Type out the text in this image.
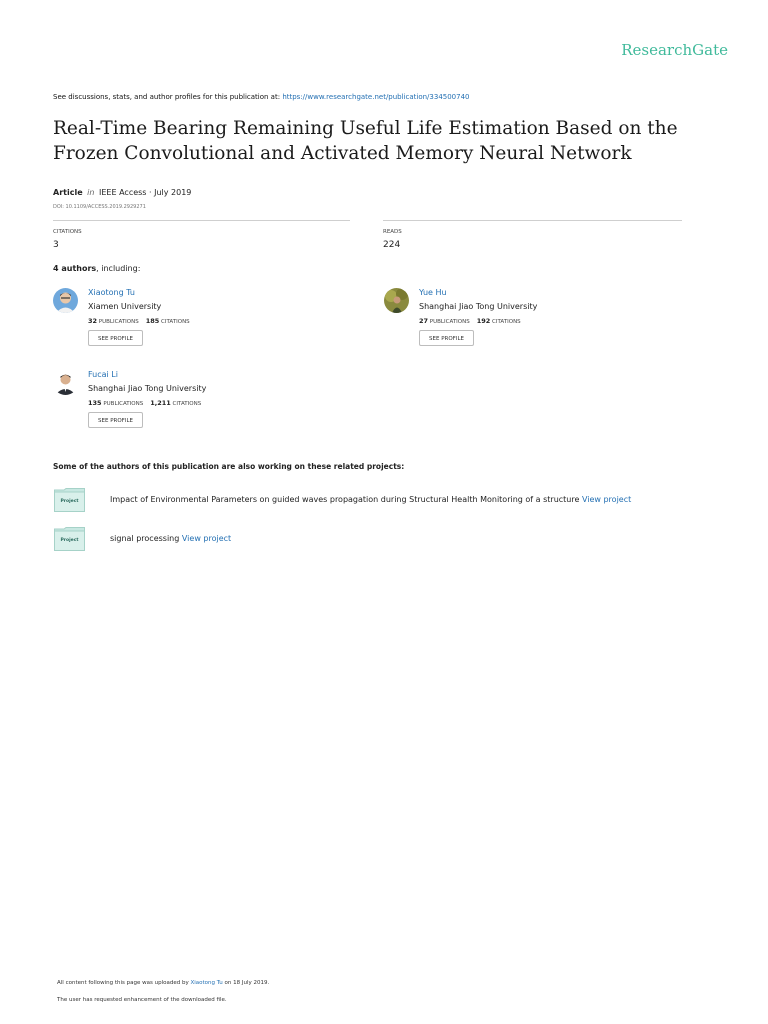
ResearchGate
See discussions, stats, and author profiles for this publication at: https://www.researchgate.net/publication/334500740
Real-Time Bearing Remaining Useful Life Estimation Based on the Frozen Convolutional and Activated Memory Neural Network
Article in IEEE Access · July 2019
DOI: 10.1109/ACCESS.2019.2929271
CITATIONS
3
READS
224
4 authors, including:
Xiaotong Tu
Xiamen University
32 PUBLICATIONS 185 CITATIONS
SEE PROFILE
Yue Hu
Shanghai Jiao Tong University
27 PUBLICATIONS 192 CITATIONS
SEE PROFILE
Fucai Li
Shanghai Jiao Tong University
135 PUBLICATIONS 1,211 CITATIONS
SEE PROFILE
Some of the authors of this publication are also working on these related projects:
Project	Impact of Environmental Parameters on guided waves propagation during Structural Health Monitoring of a structure View project
Project	signal processing View project
All content following this page was uploaded by Xiaotong Tu on 18 July 2019.
The user has requested enhancement of the downloaded file.
